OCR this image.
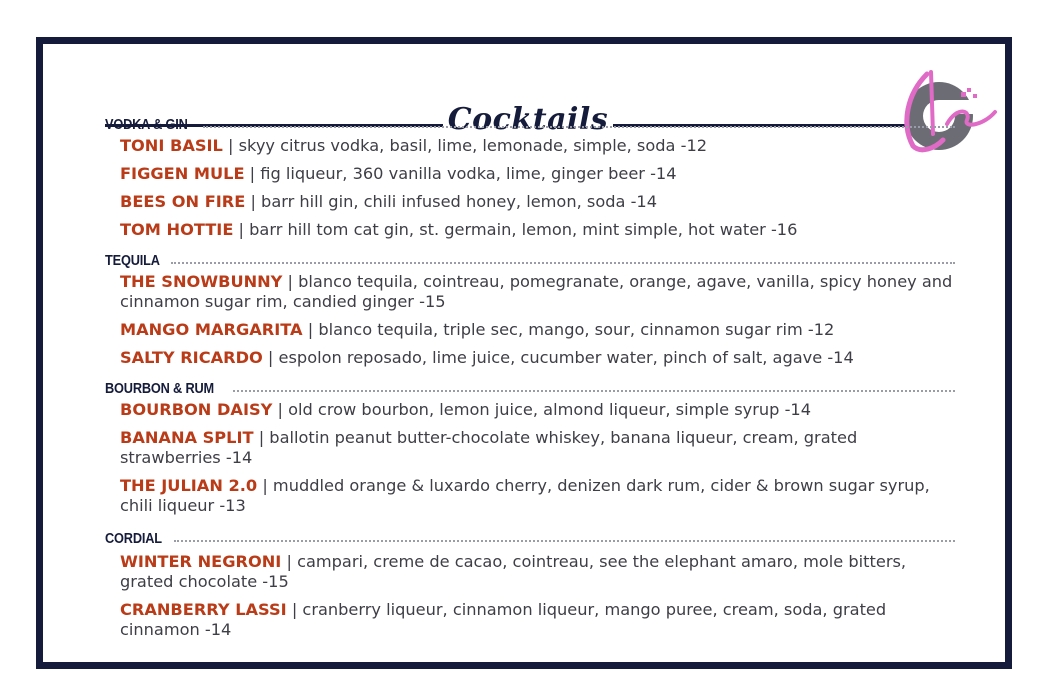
Cocktails
VODKA & GIN
TONI BASIL | skyy citrus vodka, basil, lime, lemonade, simple, soda -12
FIGGEN MULE | fig liqueur, 360 vanilla vodka, lime, ginger beer -14
BEES ON FIRE | barr hill gin, chili infused honey, lemon, soda -14
TOM HOTTIE | barr hill tom cat gin, st. germain, lemon, mint simple, hot water -16
TEQUILA
THE SNOWBUNNY | blanco tequila, cointreau, pomegranate, orange, agave, vanilla, spicy honey and cinnamon sugar rim, candied ginger -15
MANGO MARGARITA | blanco tequila, triple sec, mango, sour, cinnamon sugar rim -12
SALTY RICARDO | espolon reposado, lime juice, cucumber water, pinch of salt, agave -14
BOURBON & RUM
BOURBON DAISY | old crow bourbon, lemon juice, almond liqueur, simple syrup -14
BANANA SPLIT | ballotin peanut butter-chocolate whiskey, banana liqueur, cream, grated strawberries -14
THE JULIAN 2.0 | muddled orange & luxardo cherry, denizen dark rum, cider & brown sugar syrup, chili liqueur -13
CORDIAL
WINTER NEGRONI | campari, creme de cacao, cointreau, see the elephant amaro, mole bitters, grated chocolate -15
CRANBERRY LASSI | cranberry liqueur, cinnamon liqueur, mango puree, cream, soda, grated cinnamon -14
